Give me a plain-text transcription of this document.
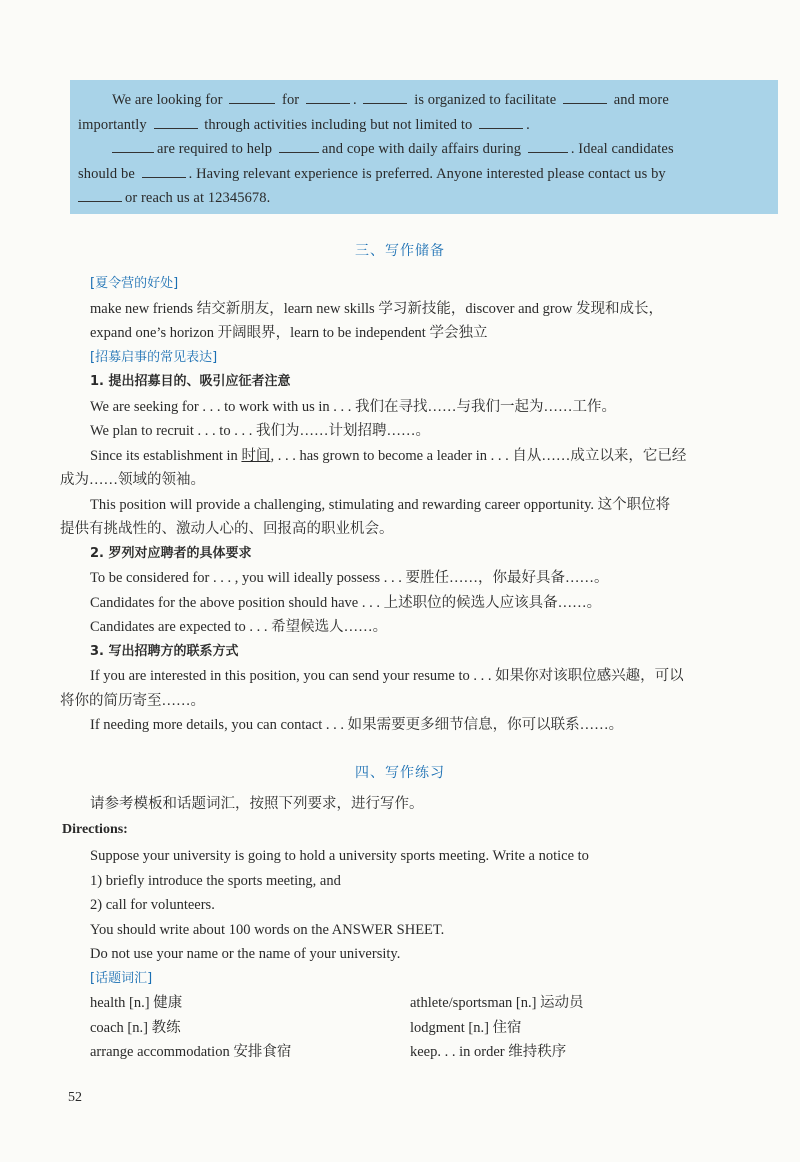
We are looking for	for	.	is organized to facilitate	and more
importantly	through activities including but not limited to	.
are required to help	and cope with daily affairs during	. Ideal candidates
should be	. Having relevant experience is preferred. Anyone interested please contact us by
or reach us at 12345678.
三、写作储备
[夏令营的好处]
make new friends 结交新朋友，learn new skills 学习新技能，discover and grow 发现和成长，
expand one’s horizon 开阔眼界，learn to be independent 学会独立
[招募启事的常见表达]
1. 提出招募目的、吸引应征者注意
We are seeking for . . . to work with us in . . . 我们在寻找……与我们一起为……工作。
We plan to recruit . . . to . . . 我们为……计划招聘……。
Since its establishment in 时间, . . . has grown to become a leader in . . . 自从……成立以来，它已经
成为……领域的领袖。
This position will provide a challenging, stimulating and rewarding career opportunity. 这个职位将
提供有挑战性的、激动人心的、回报高的职业机会。
2. 罗列对应聘者的具体要求
To be considered for . . . , you will ideally possess . . . 要胜任……，你最好具备……。
Candidates for the above position should have . . . 上述职位的候选人应该具备……。
Candidates are expected to . . . 希望候选人……。
3. 写出招聘方的联系方式
If you are interested in this position, you can send your resume to . . . 如果你对该职位感兴趣，可以
将你的简历寄至……。
If needing more details, you can contact . . . 如果需要更多细节信息，你可以联系……。
四、写作练习
请参考模板和话题词汇，按照下列要求，进行写作。
Directions:
Suppose your university is going to hold a university sports meeting. Write a notice to
1) briefly introduce the sports meeting, and
2) call for volunteers.
You should write about 100 words on the ANSWER SHEET.
Do not use your name or the name of your university.
[话题词汇]
health [n.] 健康	athlete/sportsman [n.] 运动员
coach [n.] 教练	lodgment [n.] 住宿
arrange accommodation 安排食宿	keep. . . in order 维持秩序
52
